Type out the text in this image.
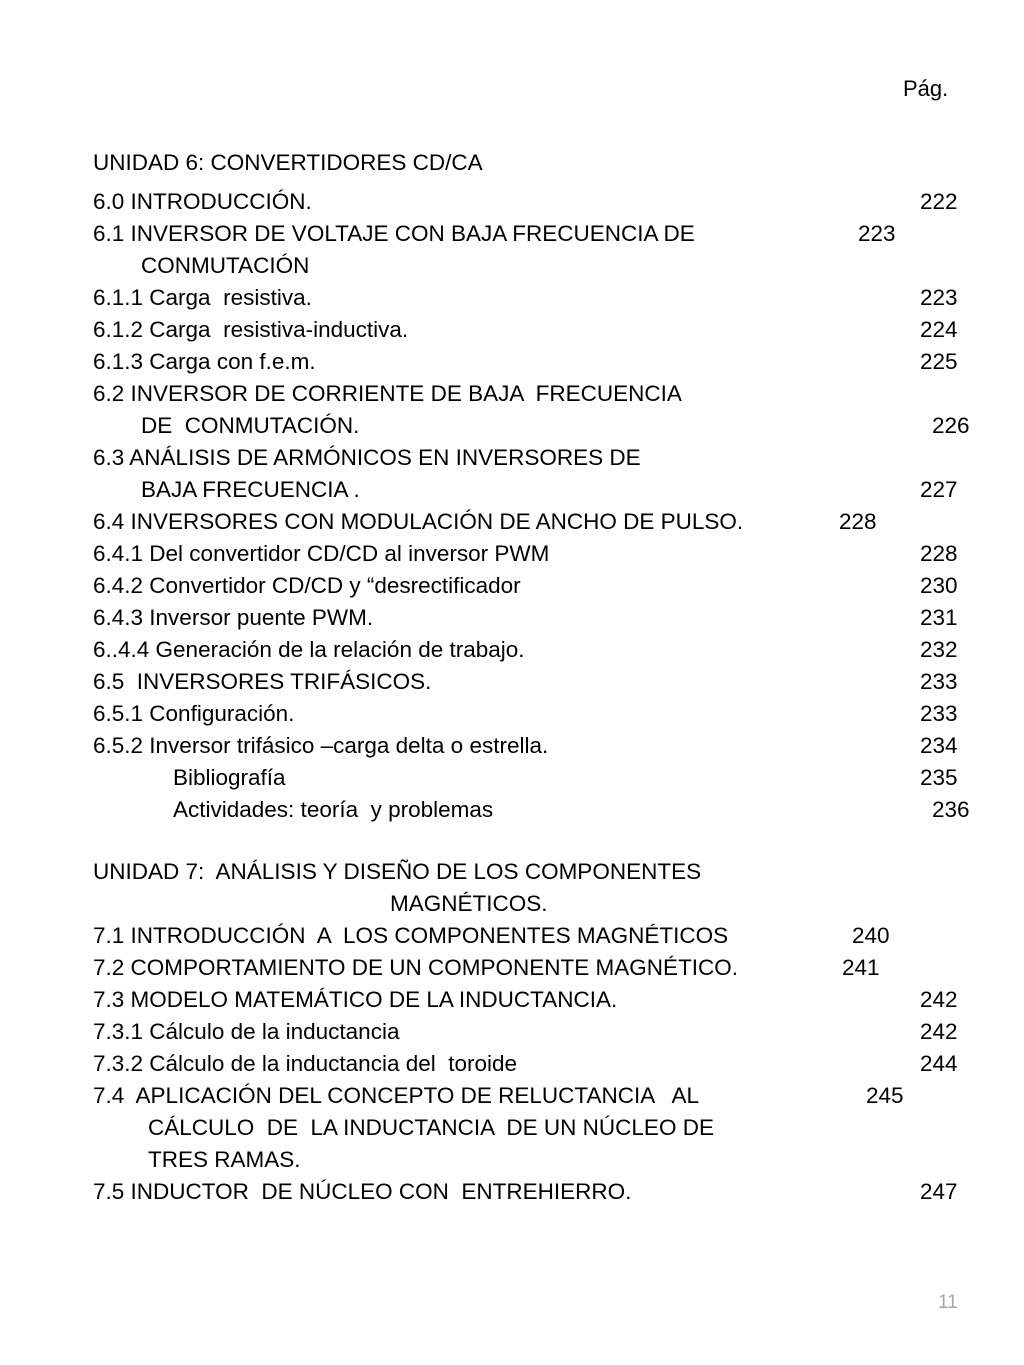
Pág.
UNIDAD 6: CONVERTIDORES CD/CA
6.0 INTRODUCCIÓN.	222
6.1 INVERSOR DE VOLTAJE CON BAJA FRECUENCIA DE	223
CONMUTACIÓN
6.1.1 Carga  resistiva.	223
6.1.2 Carga  resistiva-inductiva.	224
6.1.3 Carga con f.e.m.	225
6.2 INVERSOR DE CORRIENTE DE BAJA  FRECUENCIA
DE  CONMUTACIÓN.	226
6.3 ANÁLISIS DE ARMÓNICOS EN INVERSORES DE
BAJA FRECUENCIA .	227
6.4 INVERSORES CON MODULACIÓN DE ANCHO DE PULSO.	228
6.4.1 Del convertidor CD/CD al inversor PWM	228
6.4.2 Convertidor CD/CD y “desrectificador	230
6.4.3 Inversor puente PWM.	231
6..4.4 Generación de la relación de trabajo.	232
6.5  INVERSORES TRIFÁSICOS.	233
6.5.1 Configuración.	233
6.5.2 Inversor trifásico –carga delta o estrella.	234
Bibliografía	235
Actividades: teoría  y problemas	236
UNIDAD 7:  ANÁLISIS Y DISEÑO DE LOS COMPONENTES
MAGNÉTICOS.
7.1 INTRODUCCIÓN  A  LOS COMPONENTES MAGNÉTICOS	240
7.2 COMPORTAMIENTO DE UN COMPONENTE MAGNÉTICO.	241
7.3 MODELO MATEMÁTICO DE LA INDUCTANCIA.	242
7.3.1 Cálculo de la inductancia	242
7.3.2 Cálculo de la inductancia del  toroide	244
7.4  APLICACIÓN DEL CONCEPTO DE RELUCTANCIA   AL	245
CÁLCULO  DE  LA INDUCTANCIA  DE UN NÚCLEO DE
TRES RAMAS.
7.5 INDUCTOR  DE NÚCLEO CON  ENTREHIERRO.	247
11
